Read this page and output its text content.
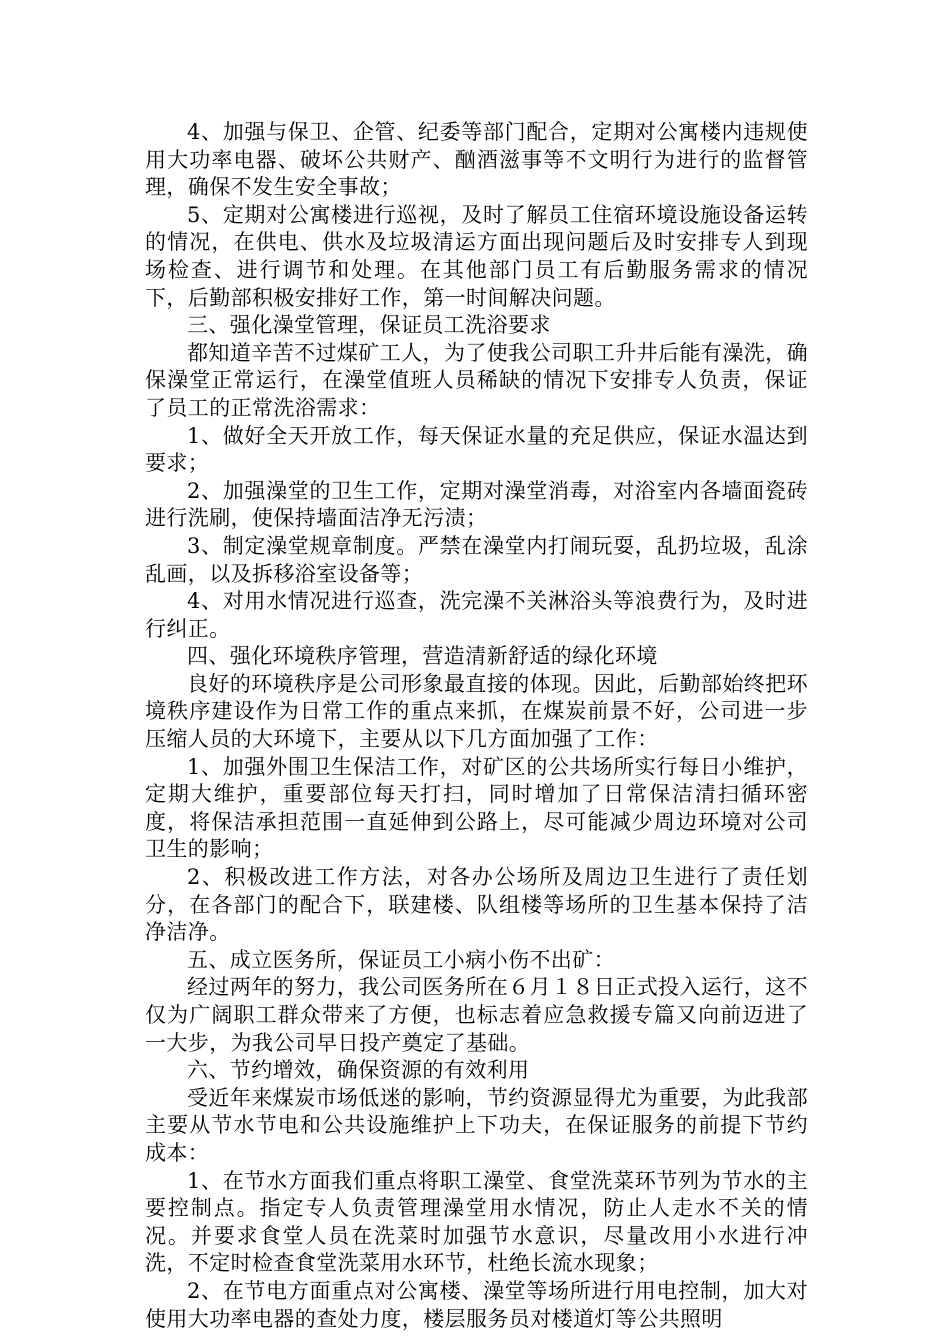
4、加强与保卫、企管、纪委等部门配合，定期对公寓楼内违规使用大功率电器、破坏公共财产、酗酒滋事等不文明行为进行的监督管理，确保不发生安全事故；

5、定期对公寓楼进行巡视，及时了解员工住宿环境设施设备运转的情况，在供电、供水及垃圾清运方面出现问题后及时安排专人到现场检查、进行调节和处理。在其他部门员工有后勤服务需求的情况下，后勤部积极安排好工作，第一时间解决问题。

三、强化澡堂管理，保证员工洗浴要求

都知道辛苦不过煤矿工人，为了使我公司职工升井后能有澡洗，确保澡堂正常运行，在澡堂值班人员稀缺的情况下安排专人负责，保证了员工的正常洗浴需求：

1、做好全天开放工作，每天保证水量的充足供应，保证水温达到要求；

2、加强澡堂的卫生工作，定期对澡堂消毒，对浴室内各墙面瓷砖进行洗刷，使保持墙面洁净无污渍；

3、制定澡堂规章制度。严禁在澡堂内打闹玩耍，乱扔垃圾，乱涂乱画，以及拆移浴室设备等；

4、对用水情况进行巡查，洗完澡不关淋浴头等浪费行为，及时进行纠正。

四、强化环境秩序管理，营造清新舒适的绿化环境

良好的环境秩序是公司形象最直接的体现。因此，后勤部始终把环境秩序建设作为日常工作的重点来抓，在煤炭前景不好，公司进一步压缩人员的大环境下，主要从以下几方面加强了工作：

1、加强外围卫生保洁工作，对矿区的公共场所实行每日小维护，定期大维护，重要部位每天打扫，同时增加了日常保洁清扫循环密度，将保洁承担范围一直延伸到公路上，尽可能减少周边环境对公司卫生的影响；

2、积极改进工作方法，对各办公场所及周边卫生进行了责任划分，在各部门的配合下，联建楼、队组楼等场所的卫生基本保持了洁净洁净。

五、成立医务所，保证员工小病小伤不出矿：

经过两年的努力，我公司医务所在６月１８日正式投入运行，这不仅为广阔职工群众带来了方便，也标志着应急救援专篇又向前迈进了一大步，为我公司早日投产奠定了基础。

六、节约增效，确保资源的有效利用

受近年来煤炭市场低迷的影响，节约资源显得尤为重要，为此我部主要从节水节电和公共设施维护上下功夫，在保证服务的前提下节约成本：

1、在节水方面我们重点将职工澡堂、食堂洗菜环节列为节水的主要控制点。指定专人负责管理澡堂用水情况，防止人走水不关的情况。并要求食堂人员在洗菜时加强节水意识，尽量改用小水进行冲洗，不定时检查食堂洗菜用水环节，杜绝长流水现象；

2、在节电方面重点对公寓楼、澡堂等场所进行用电控制，加大对使用大功率电器的查处力度，楼层服务员对楼道灯等公共照明
